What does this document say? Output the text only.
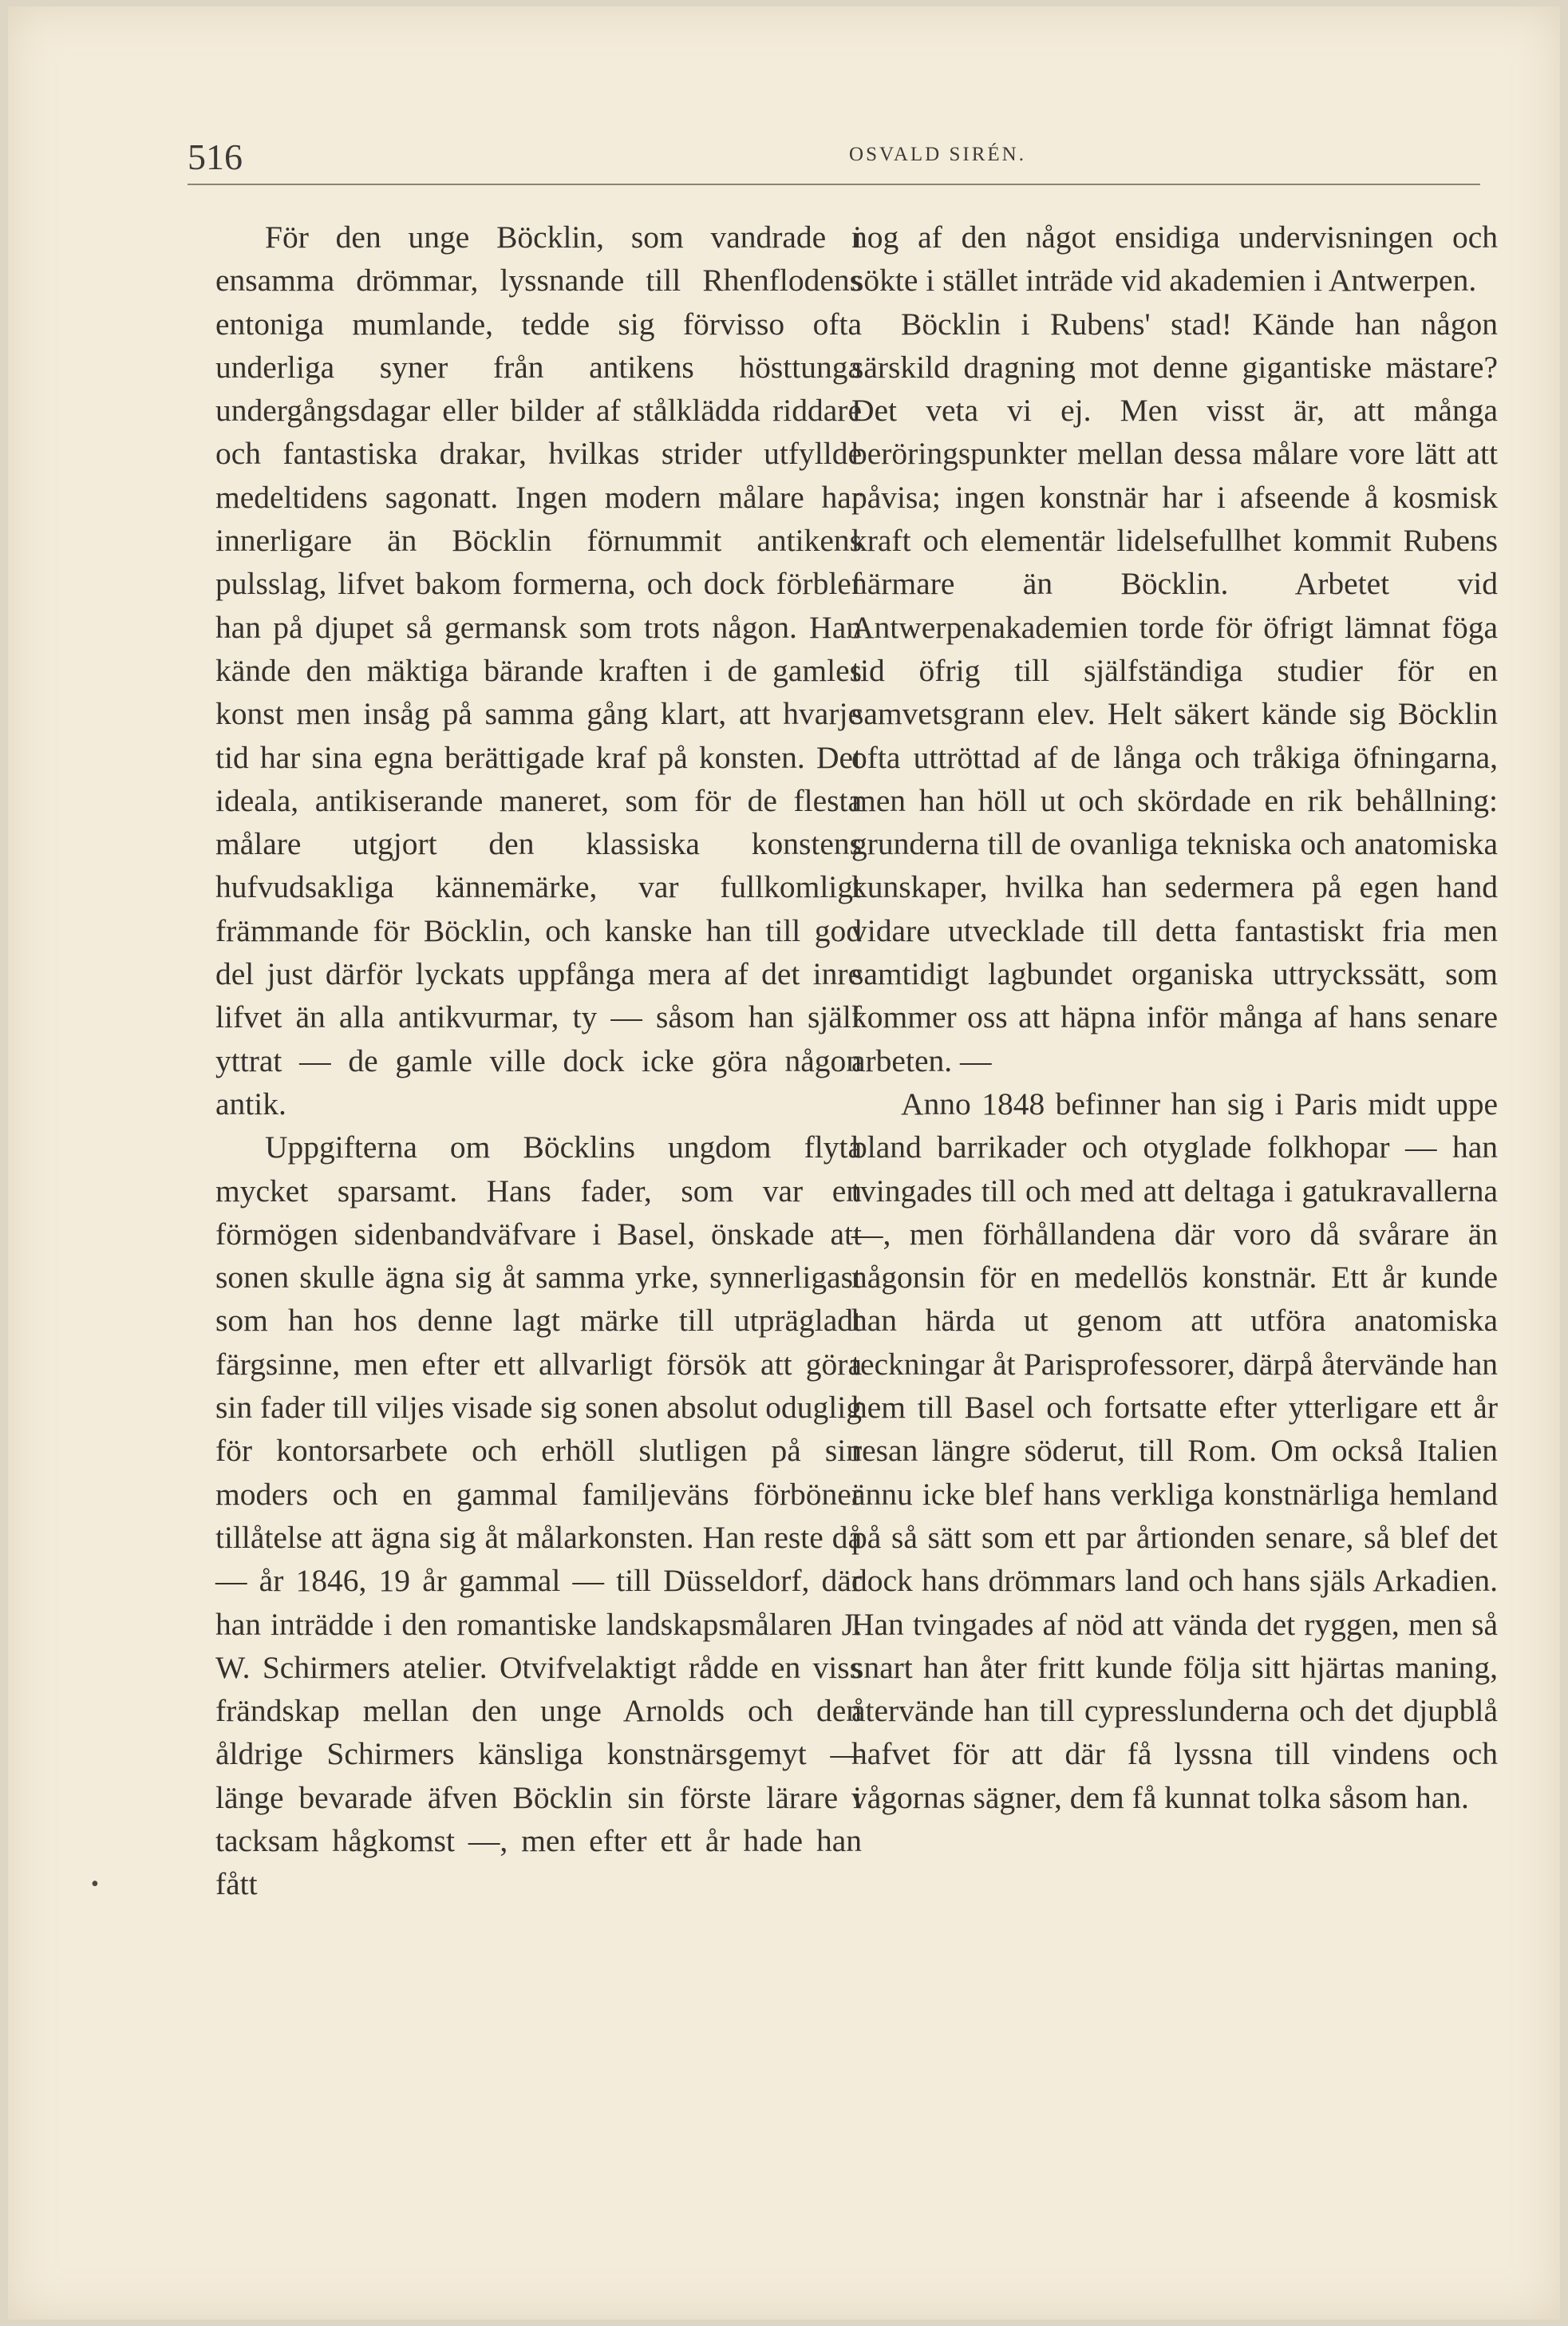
516	OSVALD SIRÉN.

För den unge Böcklin, som vandrade i ensamma drömmar, lyssnande till Rhenflodens entoniga mumlande, tedde sig förvisso ofta underliga syner från antikens hösttunga undergångsdagar eller bilder af stålklädda riddare och fantastiska drakar, hvilkas strider utfyllde medeltidens sagonatt. Ingen modern målare har innerligare än Böcklin förnummit antikens pulsslag, lifvet bakom formerna, och dock förblef han på djupet så germansk som trots någon. Han kände den mäktiga bärande kraften i de gamles konst men insåg på samma gång klart, att hvarje tid har sina egna berättigade kraf på konsten. Det ideala, antikiserande maneret, som för de flesta målare utgjort den klassiska konstens hufvudsakliga kännemärke, var fullkomligt främmande för Böcklin, och kanske han till god del just därför lyckats uppfånga mera af det inre lifvet än alla antikvurmar, ty — såsom han själf yttrat — de gamle ville dock icke göra någon antik.

Uppgifterna om Böcklins ungdom flyta mycket sparsamt. Hans fader, som var en förmögen sidenbandväfvare i Basel, önskade att sonen skulle ägna sig åt samma yrke, synnerligast som han hos denne lagt märke till utprägladt färgsinne, men efter ett allvarligt försök att göra sin fader till viljes visade sig sonen absolut oduglig för kontorsarbete och erhöll slutligen på sin moders och en gammal familjeväns förböner tillåtelse att ägna sig åt målarkonsten. Han reste då — år 1846, 19 år gammal — till Düsseldorf, där han inträdde i den romantiske landskapsmålaren J. W. Schirmers atelier. Otvifvelaktigt rådde en viss frändskap mellan den unge Arnolds och den åldrige Schirmers känsliga konstnärsgemyt — länge bevarade äfven Böcklin sin förste lärare i tacksam hågkomst —, men efter ett år hade han fått

nog af den något ensidiga undervisningen och sökte i stället inträde vid akademien i Antwerpen.

Böcklin i Rubens' stad! Kände han någon särskild dragning mot denne gigantiske mästare? Det veta vi ej. Men visst är, att många beröringspunkter mellan dessa målare vore lätt att påvisa; ingen konstnär har i afseende å kosmisk kraft och elementär lidelsefullhet kommit Rubens närmare än Böcklin. Arbetet vid Antwerpenakademien torde för öfrigt lämnat föga tid öfrig till själfständiga studier för en samvetsgrann elev. Helt säkert kände sig Böcklin ofta uttröttad af de långa och tråkiga öfningarna, men han höll ut och skördade en rik behållning: grunderna till de ovanliga tekniska och anatomiska kunskaper, hvilka han sedermera på egen hand vidare utvecklade till detta fantastiskt fria men samtidigt lagbundet organiska uttryckssätt, som kommer oss att häpna inför många af hans senare arbeten. —

Anno 1848 befinner han sig i Paris midt uppe bland barrikader och otyglade folkhopar — han tvingades till och med att deltaga i gatukravallerna —, men förhållandena där voro då svårare än någonsin för en medellös konstnär. Ett år kunde han härda ut genom att utföra anatomiska teckningar åt Parisprofessorer, därpå återvände han hem till Basel och fortsatte efter ytterligare ett år resan längre söderut, till Rom. Om också Italien ännu icke blef hans verkliga konstnärliga hemland på så sätt som ett par årtionden senare, så blef det dock hans drömmars land och hans själs Arkadien. Han tvingades af nöd att vända det ryggen, men så snart han åter fritt kunde följa sitt hjärtas maning, återvände han till cypresslunderna och det djupblå hafvet för att där få lyssna till vindens och vågornas sägner, dem få kunnat tolka såsom han.

•
